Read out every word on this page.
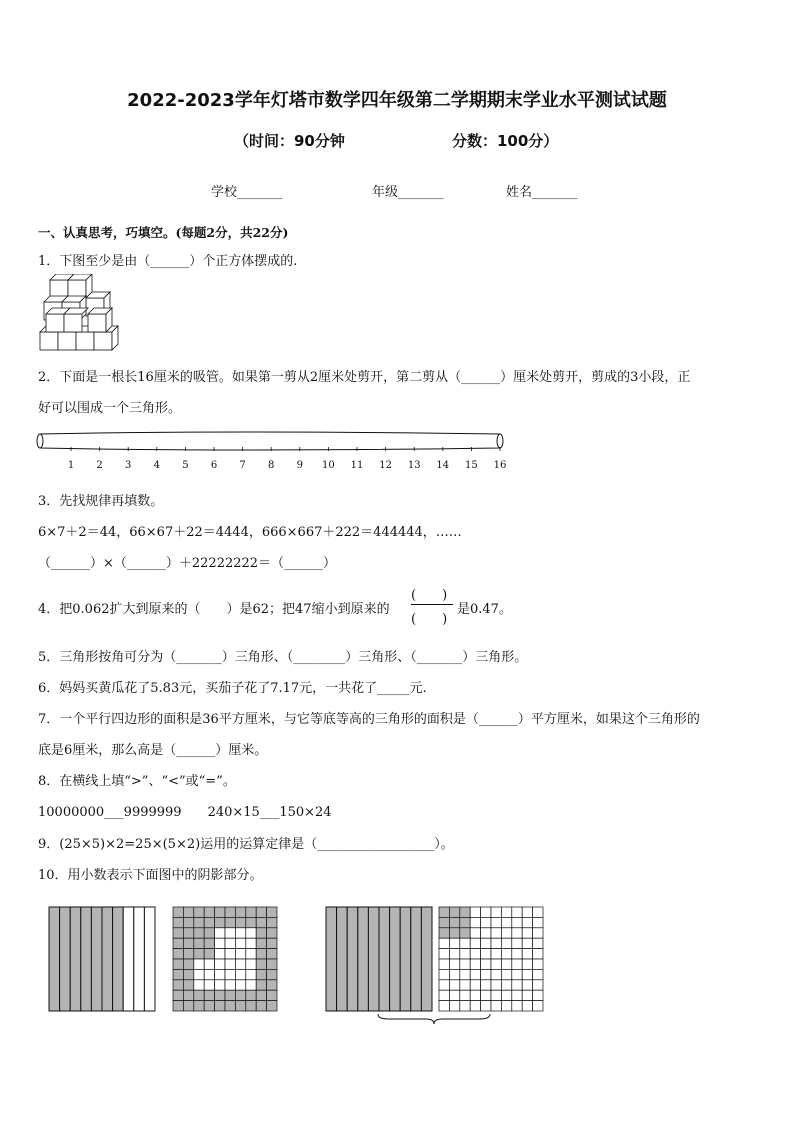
2022-2023学年灯塔市数学四年级第二学期期末学业水平测试试题
（时间：90分钟	分数：100分）
学校_______	年级_______	姓名_______
一、认真思考，巧填空。(每题2分，共22分)
1．下图至少是由（______）个正方体摆成的.
2．下面是一根长16厘米的吸管。如果第一剪从2厘米处剪开，第二剪从（______）厘米处剪开，剪成的3小段，正
好可以围成一个三角形。
1 2 3 4 5 6 7 8 9 10 11 12 13 14 15 16
3．先找规律再填数。
6×7＋2＝44，66×67＋22＝4444，666×667＋222＝444444，……
（______）×（______）＋22222222＝（______）
4．把0.062扩大到原来的（　　）是62；把47缩小到原来的
(　　)
(　　)
是0.47。
5．三角形按角可分为（_______）三角形、（________）三角形、（_______）三角形。
6．妈妈买黄瓜花了5.83元，买茄子花了7.17元，一共花了_____元.
7．一个平行四边形的面积是36平方厘米，与它等底等高的三角形的面积是（______）平方厘米，如果这个三角形的
底是6厘米，那么高是（______）厘米。
8．在横线上填“>”、“<”或“=”。
10000000___9999999　　240×15___150×24
9．(25×5)×2=25×(5×2)运用的运算定律是（__________________）。
10．用小数表示下面图中的阴影部分。
